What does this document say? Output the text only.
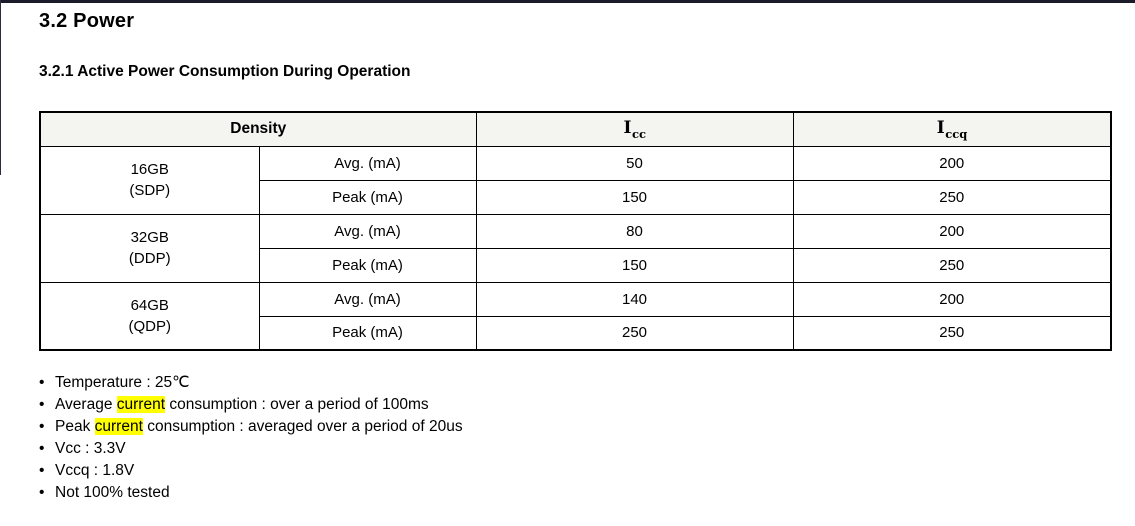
3.2 Power
3.2.1 Active Power Consumption During Operation
Density		$I_{cc}$	$I_{ccq}$

16GB
(SDP)	Avg. (mA)	50	200
	Peak (mA)	150	250

32GB
(DDP)	Avg. (mA)	80	200
	Peak (mA)	150	250

64GB
(QDP)	Avg. (mA)	140	200
	Peak (mA)	250	250
• Temperature : 25℃
• Average current consumption : over a period of 100ms
• Peak current consumption : averaged over a period of 20us
• Vcc : 3.3V
• Vccq : 1.8V
• Not 100% tested
